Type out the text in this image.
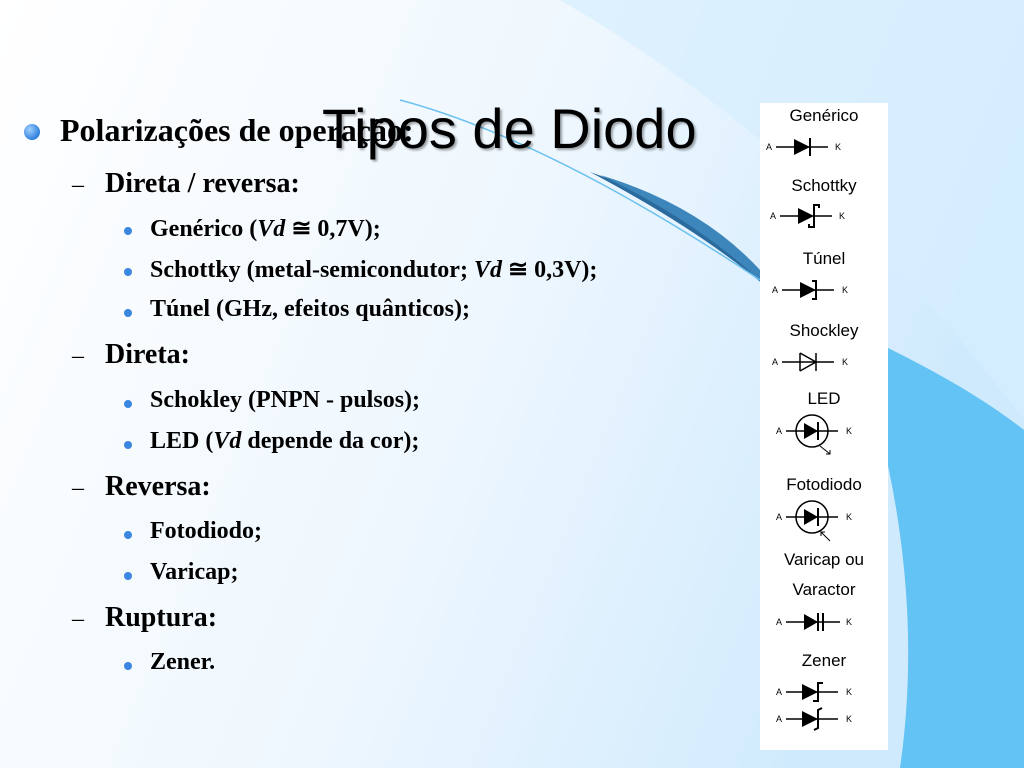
Polarizações de operação:
Tipos de Diodo
– Direta / reversa:
Genérico (Vd ≅ 0,7V);
Schottky (metal-semicondutor; Vd ≅ 0,3V);
Túnel (GHz, efeitos quânticos);
– Direta:
Schokley (PNPN - pulsos);
LED (Vd depende da cor);
– Reversa:
Fotodiodo;
Varicap;
– Ruptura:
Zener.
Genérico
A	K
Schottky
A	K
Túnel
A	K
Shockley
A	K
LED
A	K
Fotodiodo
A	K
Varicap ou
Varactor
A	K
Zener
A	K
A	K
